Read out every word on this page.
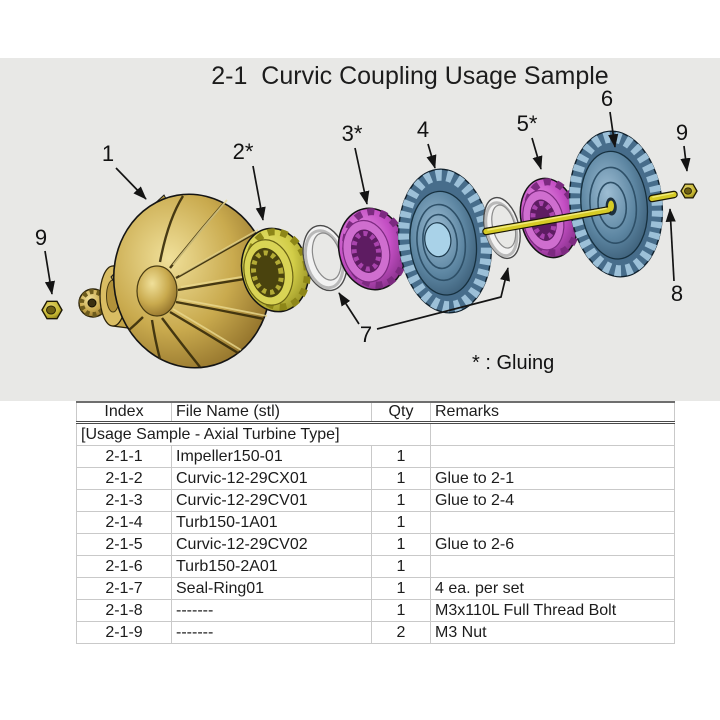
2-1  Curvic Coupling Usage Sample
1	2*
3* 4	5*
6
7
8
9
9
* : Gluing
Index	File Name (stl)	Qty	Remarks
[Usage Sample - Axial Turbine Type]			
2-1-1	Impeller150-01	1	
2-1-2	Curvic-12-29CX01	1	Glue to 2-1
2-1-3	Curvic-12-29CV01	1	Glue to 2-4
2-1-4	Turb150-1A01	1	
2-1-5	Curvic-12-29CV02	1	Glue to 2-6
2-1-6	Turb150-2A01	1	
2-1-7	Seal-Ring01	1	4 ea. per set
2-1-8	-------	1	M3x110L Full Thread Bolt
2-1-9	-------	2	M3 Nut
